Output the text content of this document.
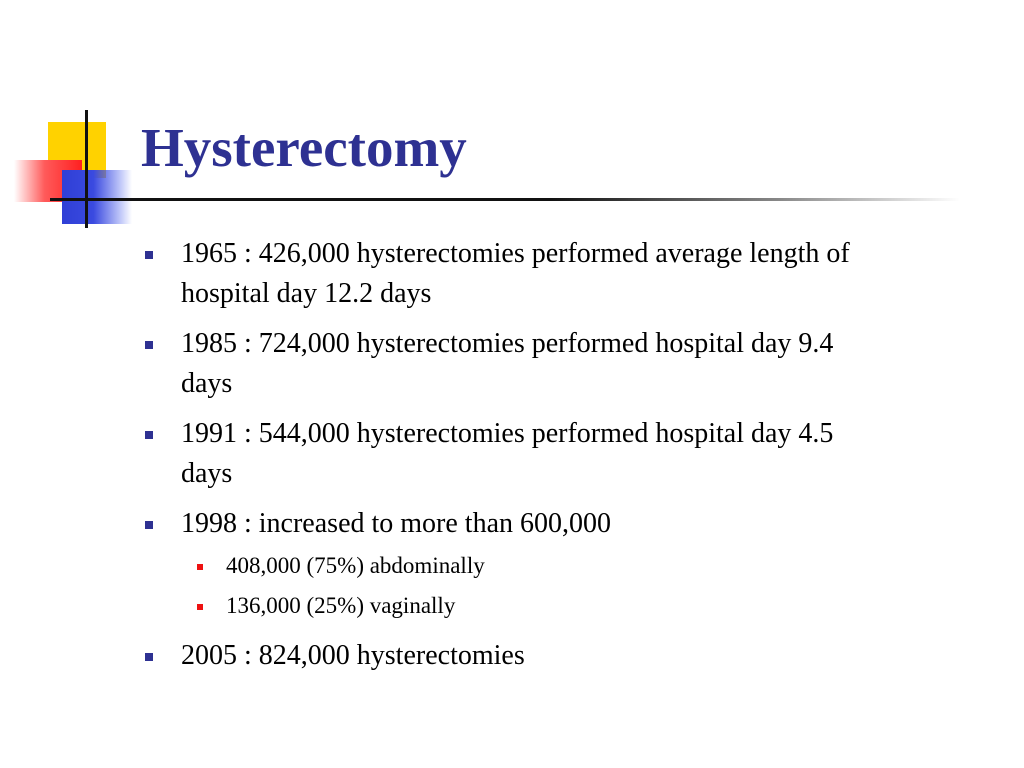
Hysterectomy
1965 : 426,000 hysterectomies performed average length of hospital day 12.2 days
1985 : 724,000 hysterectomies performed hospital day 9.4 days
1991 : 544,000 hysterectomies performed hospital day 4.5 days
1998 : increased to more than 600,000
408,000 (75%) abdominally
136,000 (25%) vaginally
2005 : 824,000 hysterectomies
